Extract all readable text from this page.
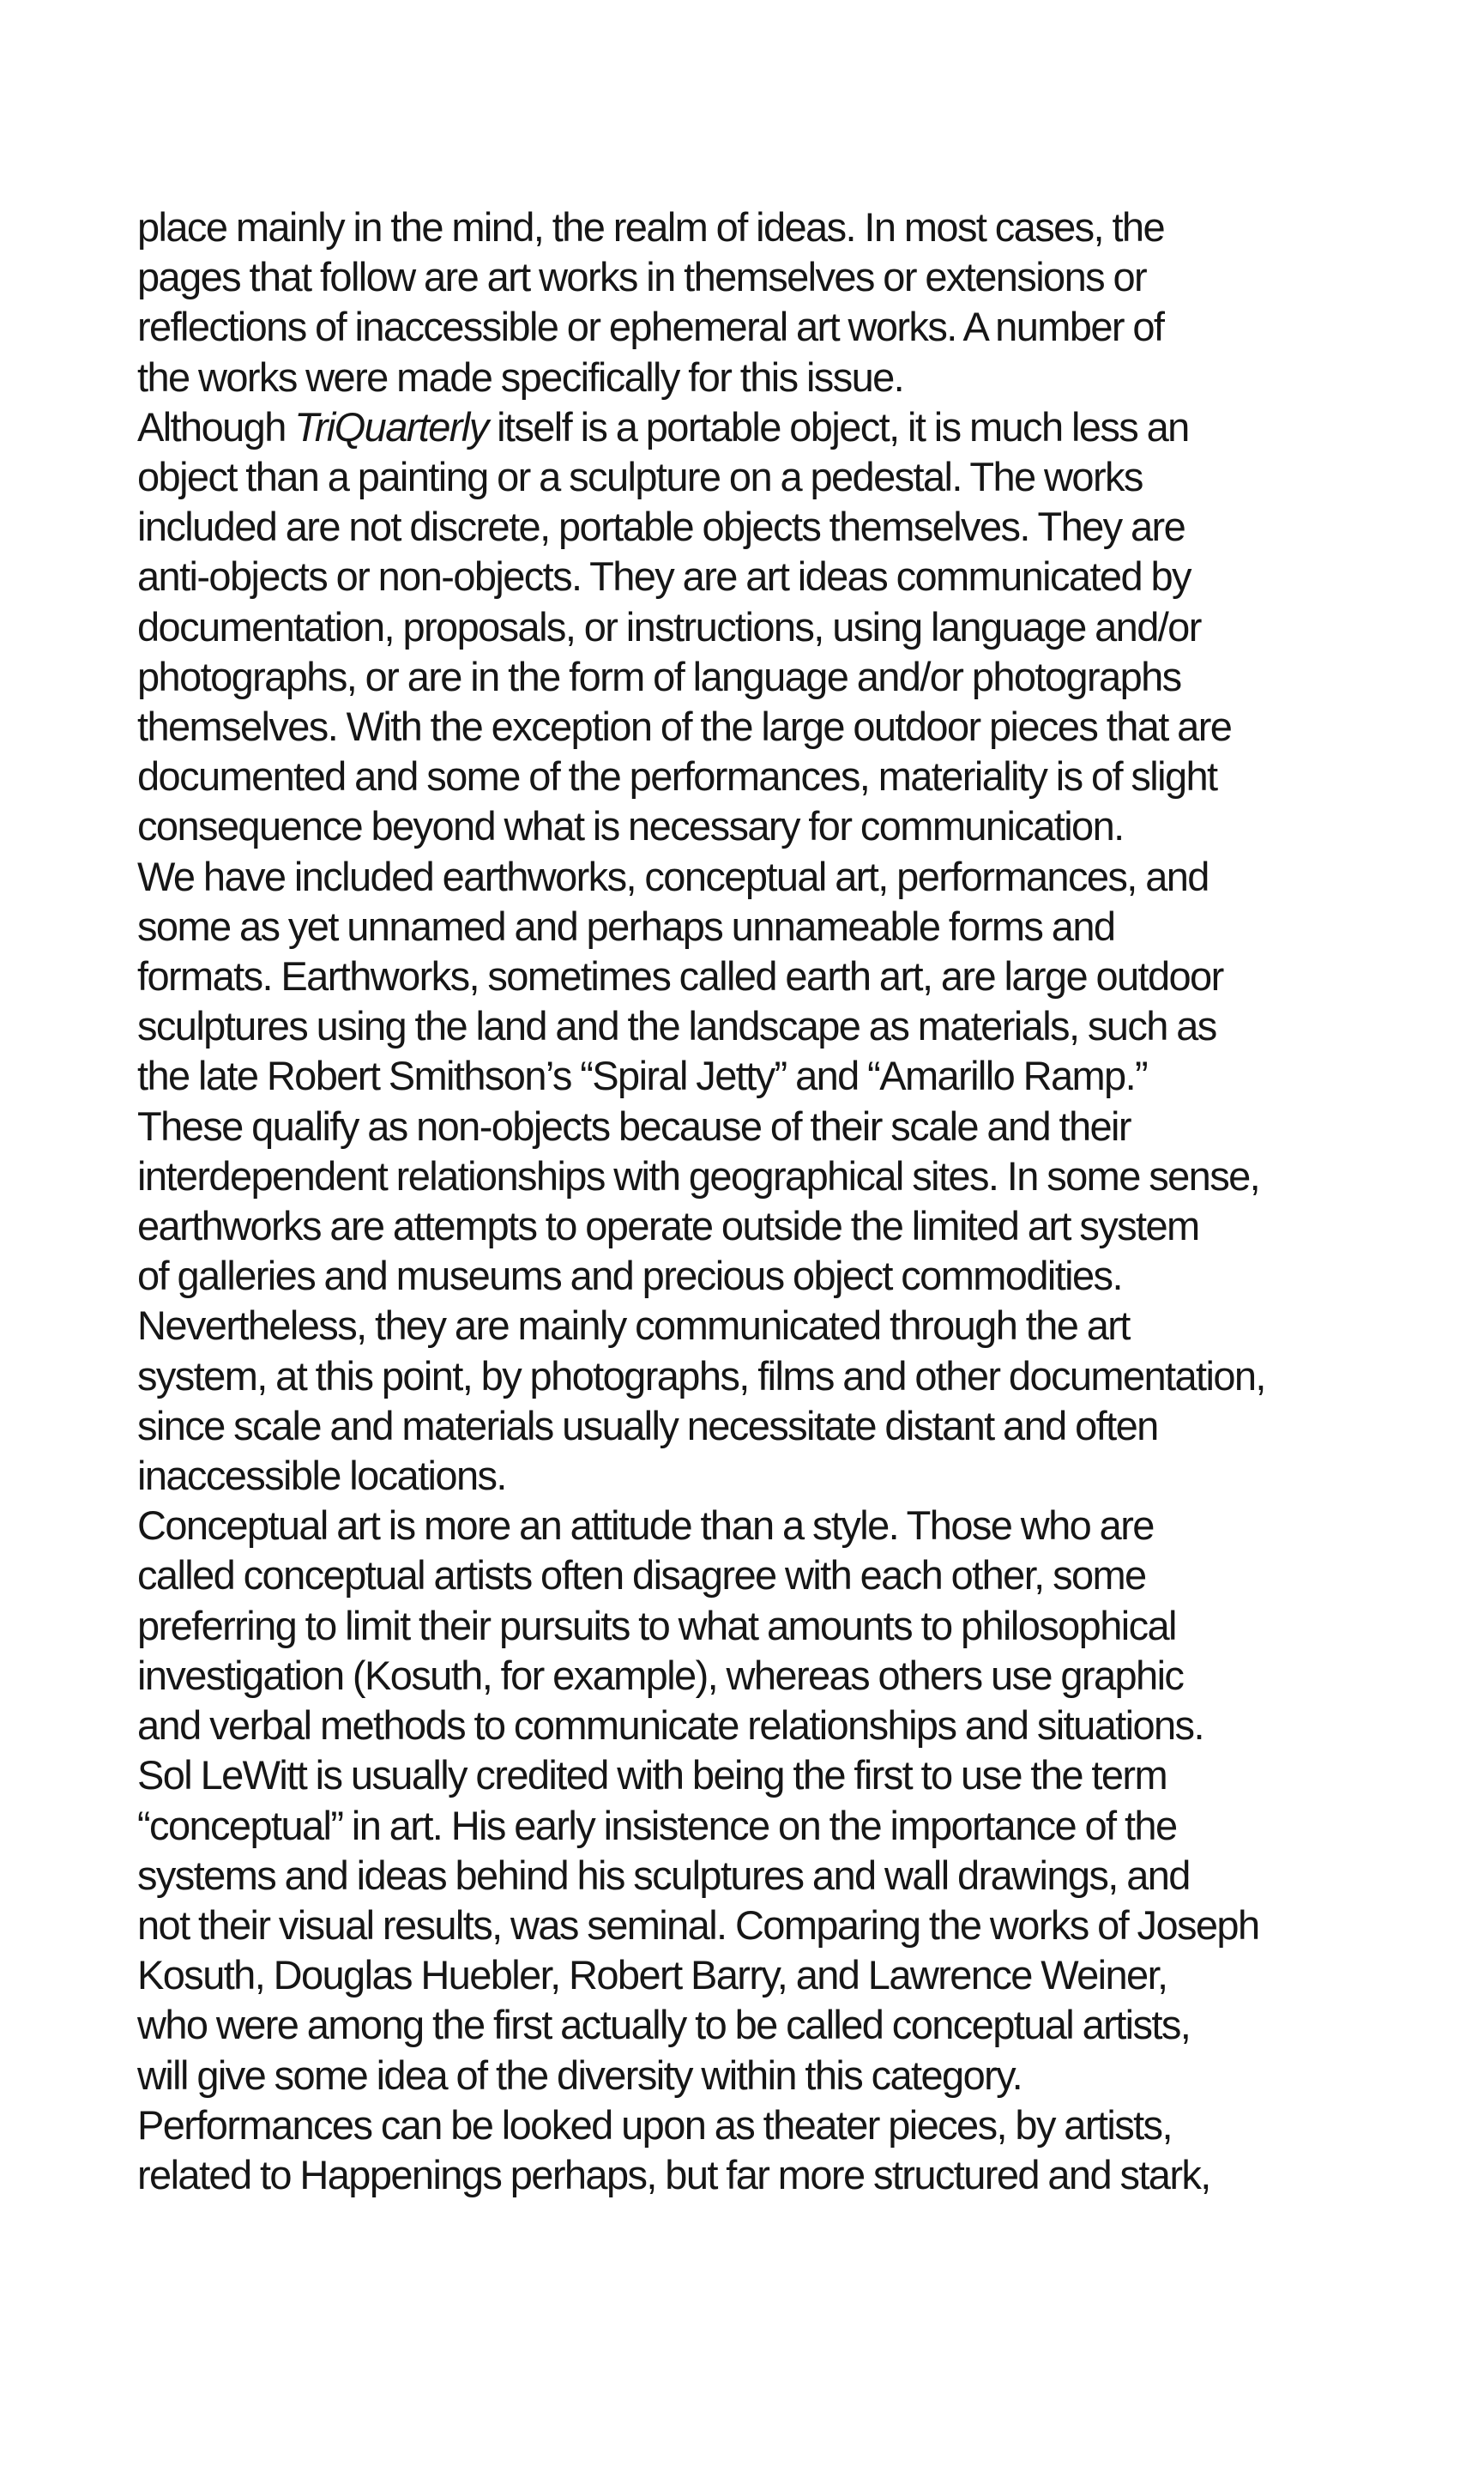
place mainly in the mind, the realm of ideas. In most cases, the
pages that follow are art works in themselves or extensions or
reflections of inaccessible or ephemeral art works. A number of
the works were made specifically for this issue.
Although TriQuarterly itself is a portable object, it is much less an
object than a painting or a sculpture on a pedestal. The works
included are not discrete, portable objects themselves. They are
anti-objects or non-objects. They are art ideas communicated by
documentation, proposals, or instructions, using language and/or
photographs, or are in the form of language and/or photographs
themselves. With the exception of the large outdoor pieces that are
documented and some of the performances, materiality is of slight
consequence beyond what is necessary for communication.
We have included earthworks, conceptual art, performances, and
some as yet unnamed and perhaps unnameable forms and
formats. Earthworks, sometimes called earth art, are large outdoor
sculptures using the land and the landscape as materials, such as
the late Robert Smithson’s “Spiral Jetty” and “Amarillo Ramp.”
These qualify as non-objects because of their scale and their
interdependent relationships with geographical sites. In some sense,
earthworks are attempts to operate outside the limited art system
of galleries and museums and precious object commodities.
Nevertheless, they are mainly communicated through the art
system, at this point, by photographs, films and other documentation,
since scale and materials usually necessitate distant and often
inaccessible locations.
Conceptual art is more an attitude than a style. Those who are
called conceptual artists often disagree with each other, some
preferring to limit their pursuits to what amounts to philosophical
investigation (Kosuth, for example), whereas others use graphic
and verbal methods to communicate relationships and situations.
Sol LeWitt is usually credited with being the first to use the term
“conceptual” in art. His early insistence on the importance of the
systems and ideas behind his sculptures and wall drawings, and
not their visual results, was seminal. Comparing the works of Joseph
Kosuth, Douglas Huebler, Robert Barry, and Lawrence Weiner,
who were among the first actually to be called conceptual artists,
will give some idea of the diversity within this category.
Performances can be looked upon as theater pieces, by artists,
related to Happenings perhaps, but far more structured and stark,
